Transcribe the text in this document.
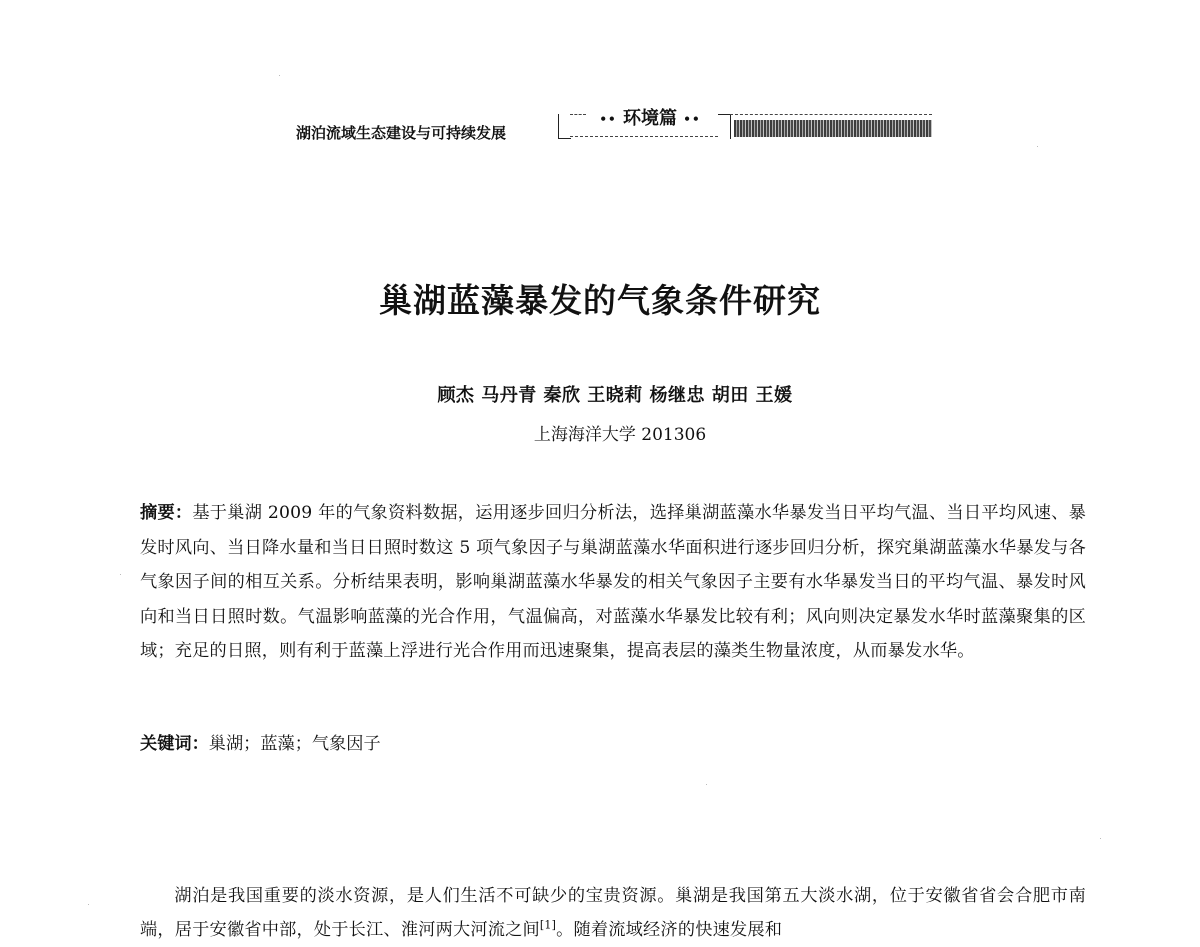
湖泊流域生态建设与可持续发展
•• 环境篇 ••
巢湖蓝藻暴发的气象条件研究
顾杰 马丹青 秦欣 王晓莉 杨继忠 胡田 王媛
上海海洋大学 201306
摘要：基于巢湖 2009 年的气象资料数据，运用逐步回归分析法，选择巢湖蓝藻水华暴发当日平均气温、当日平均风速、暴发时风向、当日降水量和当日日照时数这 5 项气象因子与巢湖蓝藻水华面积进行逐步回归分析，探究巢湖蓝藻水华暴发与各气象因子间的相互关系。分析结果表明，影响巢湖蓝藻水华暴发的相关气象因子主要有水华暴发当日的平均气温、暴发时风向和当日日照时数。气温影响蓝藻的光合作用，气温偏高，对蓝藻水华暴发比较有利；风向则决定暴发水华时蓝藻聚集的区域；充足的日照，则有利于蓝藻上浮进行光合作用而迅速聚集，提高表层的藻类生物量浓度，从而暴发水华。
关键词：巢湖；蓝藻；气象因子
湖泊是我国重要的淡水资源，是人们生活不可缺少的宝贵资源。巢湖是我国第五大淡水湖，位于安徽省省会合肥市南端，居于安徽省中部，处于长江、淮河两大河流之间[1]。随着流域经济的快速发展和
